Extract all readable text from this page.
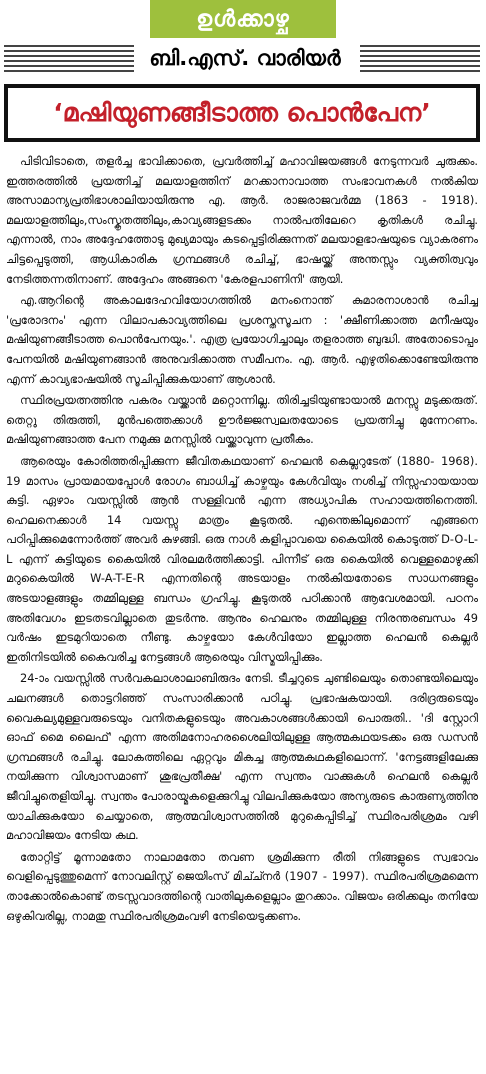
ഉൾക്കാഴ്ച
ബി.എസ്. വാരിയർ
‘മഷിയുണങ്ങീടാത്ത പൊൻപേന’

പിടിവിടാതെ, തളർച്ച ഭാവിക്കാതെ, പ്രവർത്തിച്ച് മഹാവിജയങ്ങൾ നേടുന്നവർ ചുരുക്കം. ഇത്തരത്തിൽ പ്രയത്നിച്ച് മലയാളത്തിന് മറക്കാനാവാത്ത സംഭാവനകൾ നൽകിയ അസാമാന്യപ്രതിഭാശാലിയായിരുന്നു എ. ആർ. രാജരാജവർമ്മ (1863 - 1918). മലയാളത്തിലും,സംസ്കൃതത്തിലും,കാവ്യങ്ങളടക്കം നാൽപതിലേറെ കൃതികൾ രചിച്ചു. എന്നാൽ, നാം അദ്ദേഹത്തോടു മുഖ്യമായും കടപ്പെട്ടിരിക്കുന്നത് മലയാളഭാഷയുടെ വ്യാകരണം ചിട്ടപ്പെടുത്തി, ആധികാരിക ഗ്രന്ഥങ്ങൾ രചിച്ച്, ഭാഷയ്ക്ക് അന്തസ്സും വ്യക്തിത്വവും നേടിത്തന്നതിനാണ്. അദ്ദേഹം അങ്ങനെ 'കേരളപാണിനി' ആയി.

എ.ആറിന്റെ അകാലദേഹവിയോഗത്തിൽ മനംനൊന്ത് കുമാരനാശാൻ രചിച്ച 'പ്രരോദനം' എന്ന വിലാപകാവ്യത്തിലെ പ്രശസ്തസൂചന : 'ക്ഷീണിക്കാത്ത മനീഷയും മഷിയുണങ്ങീടാത്ത പൊൻപേനയും.'. എത്ര പ്രയോഗിച്ചാലും തളരാത്ത ബുദ്ധി. അതോടൊപ്പം പേനയിൽ മഷിയുണങ്ങാൻ അനുവദിക്കാത്ത സമീപനം. എ. ആർ. എഴുതിക്കൊണ്ടേയിരുന്നു എന്ന് കാവ്യഭാഷയിൽ സൂചിപ്പിക്കുകയാണ് ആശാൻ.

സ്ഥിരപ്രയത്നത്തിനു പകരം വയ്ക്കാൻ മറ്റൊന്നില്ല. തിരിച്ചടിയുണ്ടായാൽ മനസ്സു മടുക്കരുത്. തെറ്റു തിരുത്തി, മുൻപത്തെക്കാൾ ഊർജ്ജസ്വലതയോടെ പ്രയത്നിച്ചു മുന്നേറണം. മഷിയുണങ്ങാത്ത പേന നമുക്കു മനസ്സിൽ വയ്ക്കാവുന്ന പ്രതീകം.

ആരെയും കോരിത്തരിപ്പിക്കുന്ന ജീവിതകഥയാണ് ഹെലൻ കെല്ലറുടേത് (1880- 1968). 19 മാസം പ്രായമായപ്പോൾ രോഗം ബാധിച്ച് കാഴ്ചയും കേൾവിയും നശിച്ച് നിസ്സഹായയായ കുട്ടി. ഏഴാം വയസ്സിൽ ആൻ സള്ളിവൻ എന്ന അധ്യാപിക സഹായത്തിനെത്തി. ഹെലനെക്കാൾ 14 വയസ്സു മാത്രം കൂടുതൽ. എന്തെങ്കിലുമൊന്ന് എങ്ങനെ പഠിപ്പിക്കുമെന്നോർത്ത് അവർ കുഴങ്ങി. ഒരു നാൾ കളിപ്പാവയെ കൈയിൽ കൊടുത്ത് D-O-L-L എന്ന് കുട്ടിയുടെ കൈയിൽ വിരലമർത്തിക്കാട്ടി. പിന്നീട് ഒരു കൈയിൽ വെള്ളമൊഴുക്കി മറുകൈയിൽ W-A-T-E-R എന്നതിന്റെ അടയാളം നൽകിയതോടെ സാധനങ്ങളും അടയാളങ്ങളും തമ്മിലുള്ള ബന്ധം ഗ്രഹിച്ചു. കൂടുതൽ പഠിക്കാൻ ആവേശമായി. പഠനം അതിവേഗം ഇടതടവില്ലാതെ തുടർന്നു. ആനും ഹെലനും തമ്മിലുള്ള നിരന്തരബന്ധം 49 വർഷം ഇടമുറിയാതെ നീണ്ടു. കാഴ്ചയോ കേൾവിയോ ഇല്ലാത്ത ഹെലൻ കെല്ലർ ഇതിനിടയിൽ കൈവരിച്ച നേട്ടങ്ങൾ ആരെയും വിസ്മയിപ്പിക്കും.

24-ാം വയസ്സിൽ സർവകലാശാലാബിരുദം നേടി. ടീച്ചറുടെ ചുണ്ടിലെയും തൊണ്ടയിലെയും ചലനങ്ങൾ തൊട്ടറിഞ്ഞ് സംസാരിക്കാൻ പഠിച്ചു. പ്രഭാഷകയായി. ദരിദ്രരുടെയും വൈകല്യമുള്ളവരുടെയും വനിതകളുടെയും അവകാശങ്ങൾക്കായി പൊരുതി.. 'ദി സ്റ്റോറി ഓഫ് മൈ ലൈഫ്' എന്ന അതിമനോഹരശൈലിയിലുള്ള ആത്മകഥയടക്കം ഒരു ഡസൻ ഗ്രന്ഥങ്ങൾ രചിച്ചു. ലോകത്തിലെ ഏറ്റവും മികച്ച ആത്മകഥകളിലൊന്ന്. 'നേട്ടങ്ങളിലേക്കു നയിക്കുന്ന വിശ്വാസമാണ് ശുഭപ്രതീക്ഷ' എന്ന സ്വന്തം വാക്കുകൾ ഹെലൻ കെല്ലർ ജീവിച്ചുതെളിയിച്ചു. സ്വന്തം പോരായ്മകളെക്കുറിച്ചു വിലപിക്കുകയോ അന്യരുടെ കാരുണ്യത്തിനു യാചിക്കുകയോ ചെയ്യാതെ, ആത്മവിശ്വാസത്തിൽ മുറുകെപ്പിടിച്ച് സ്ഥിരപരിശ്രമം വഴി മഹാവിജയം നേടിയ കഥ.

തോറ്റിട്ട് മൂന്നാമതോ നാലാമതോ തവണ ശ്രമിക്കുന്ന രീതി നിങ്ങളുടെ സ്വഭാവം വെളിപ്പെടുത്തുമെന്ന് നോവലിസ്റ്റ് ജെയിംസ് മിച്ച്നർ (1907 - 1997). സ്ഥിരപരിശ്രമമെന്ന താക്കോൽകൊണ്ട് തടസ്സവാദത്തിന്റെ വാതിലുകളെല്ലാം തുറക്കാം. വിജയം ഒരിക്കലും തനിയേ ഒഴുകിവരില്ല, നാമതു സ്ഥിരപരിശ്രമംവഴി നേടിയെടുക്കണം.
